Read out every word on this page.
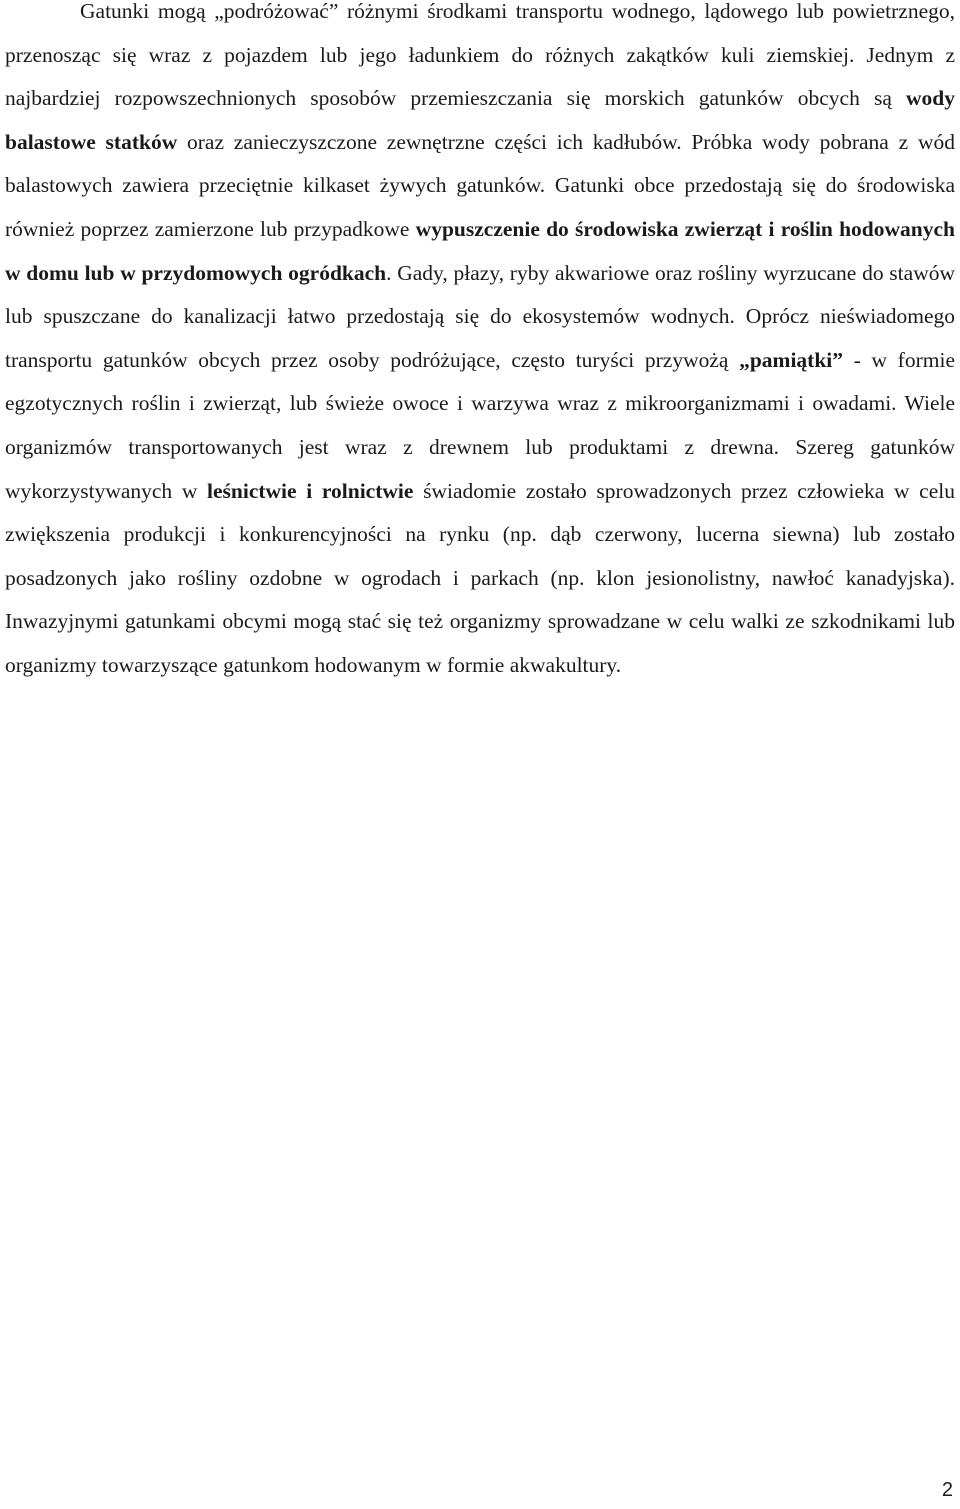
Gatunki mogą „podróżować” różnymi środkami transportu wodnego, lądowego lub powietrznego, przenosząc się wraz z pojazdem lub jego ładunkiem do różnych zakątków kuli ziemskiej. Jednym z najbardziej rozpowszechnionych sposobów przemieszczania się morskich gatunków obcych są wody balastowe statków oraz zanieczyszczone zewnętrzne części ich kadłubów. Próbka wody pobrana z wód balastowych zawiera przeciętnie kilkaset żywych gatunków. Gatunki obce przedostają się do środowiska również poprzez zamierzone lub przypadkowe wypuszczenie do środowiska zwierząt i roślin hodowanych w domu lub w przydomowych ogródkach. Gady, płazy, ryby akwariowe oraz rośliny wyrzucane do stawów lub spuszczane do kanalizacji łatwo przedostają się do ekosystemów wodnych. Oprócz nieświadomego transportu gatunków obcych przez osoby podróżujące, często turyści przywożą „pamiątki” - w formie egzotycznych roślin i zwierząt, lub świeże owoce i warzywa wraz z mikroorganizmami i owadami. Wiele organizmów transportowanych jest wraz z drewnem lub produktami z drewna. Szereg gatunków wykorzystywanych w leśnictwie i rolnictwie świadomie zostało sprowadzonych przez człowieka w celu zwiększenia produkcji i konkurencyjności na rynku (np. dąb czerwony, lucerna siewna) lub zostało posadzonych jako rośliny ozdobne w ogrodach i parkach (np. klon jesionolistny, nawłoć kanadyjska). Inwazyjnymi gatunkami obcymi mogą stać się też organizmy sprowadzane w celu walki ze szkodnikami lub organizmy towarzyszące gatunkom hodowanym w formie akwakultury.

2
